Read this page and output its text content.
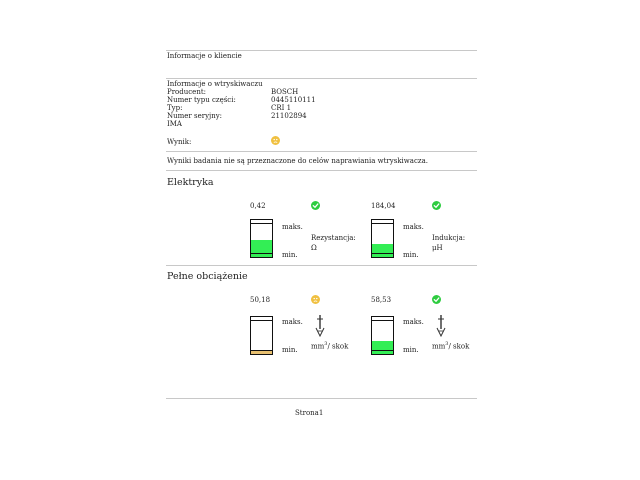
Informacje o kliencie
Informacje o wtryskiwaczu
Producent:	BOSCH
Numer typu części:	0445110111
Typ:	CRI 1
Numer seryjny:	21102894
IMA
Wynik:
Wyniki badania nie są przeznaczone do celów naprawiania wtryskiwacza.
Elektryka
0,42
maks.
min.
Rezystancja:
Ω
184,04
maks.
min.
Indukcja:
μH
Pełne obciążenie
50,18
maks.
min. $mm^3/$ skok
58,53
maks.
min. $mm^3/$ skok
Strona1
